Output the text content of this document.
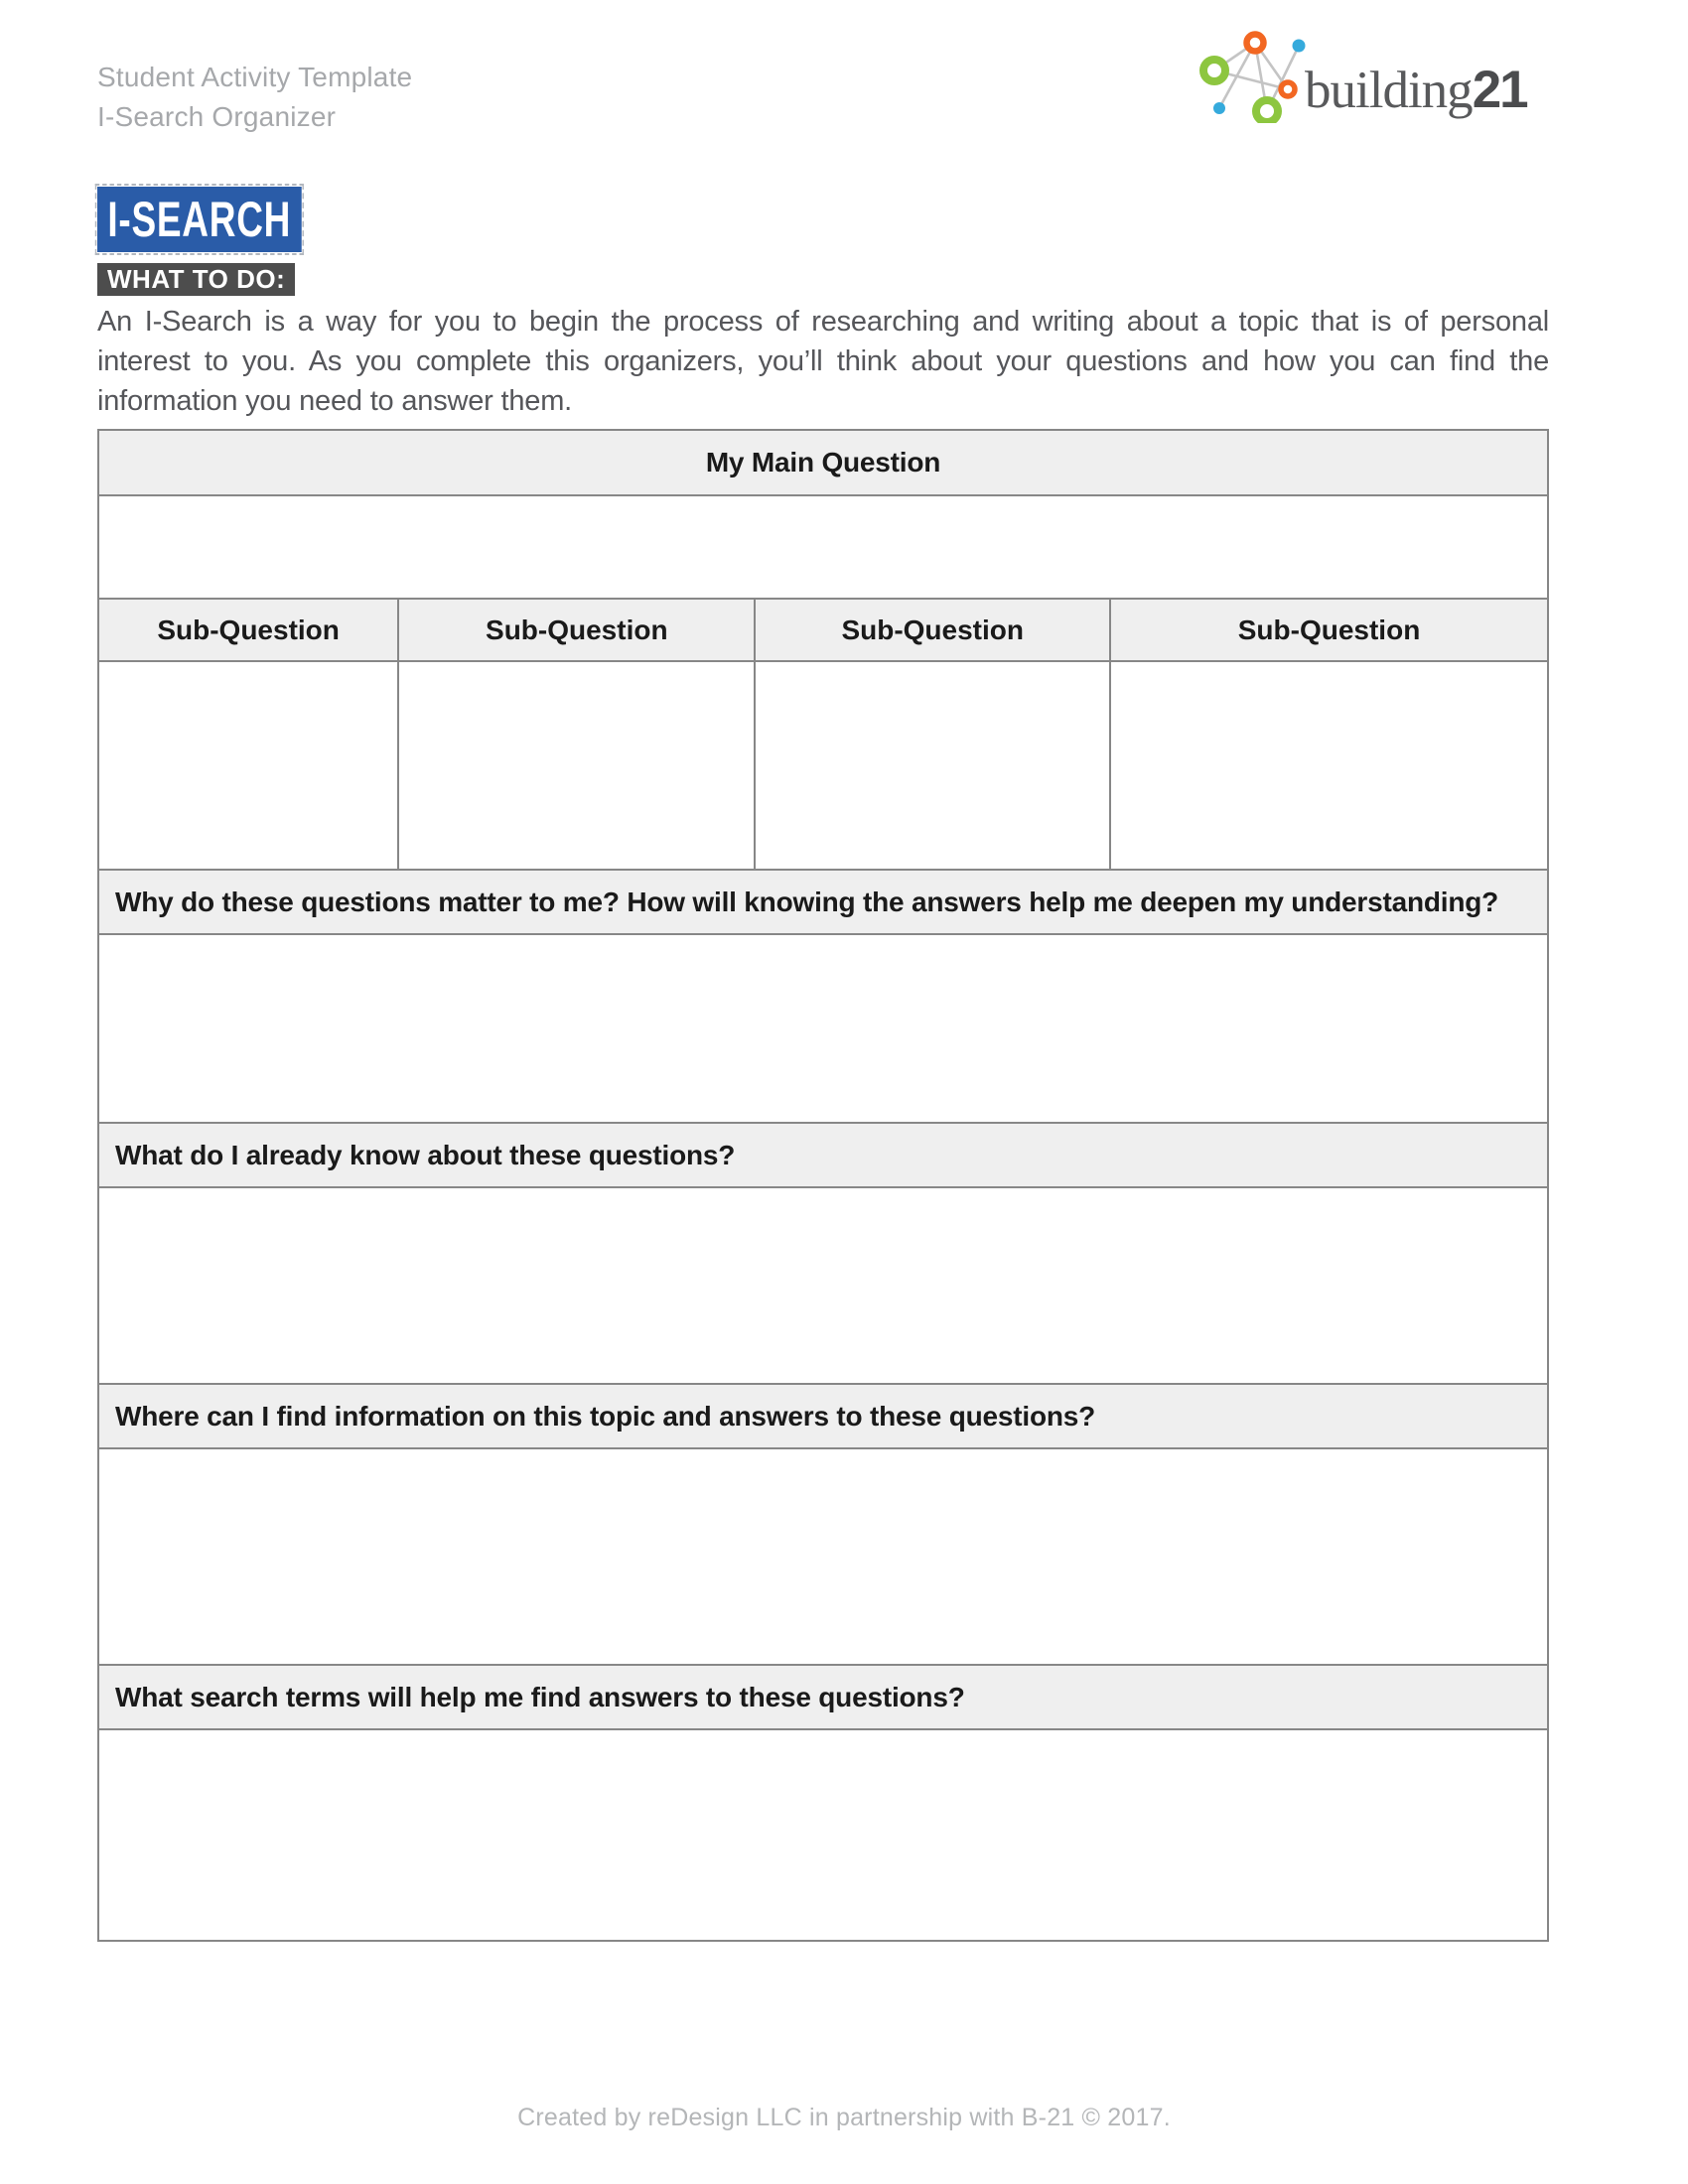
building21
Student Activity Template
I-Search Organizer
I-SEARCH
WHAT TO DO:

An I-Search is a way for you to begin the process of researching and writing about a topic that is of personal interest to you. As you complete this organizers, you’ll think about your questions and how you can find the information you need to answer them.

My Main Question			

Sub-Question	Sub-Question	Sub-Question	Sub-Question

Why do these questions matter to me? How will knowing the answers help me deepen my understanding?			

What do I already know about these questions?			

Where can I find information on this topic and answers to these questions?			

What search terms will help me find answers to these questions?			

Created by reDesign LLC in partnership with B-21 © 2017.
